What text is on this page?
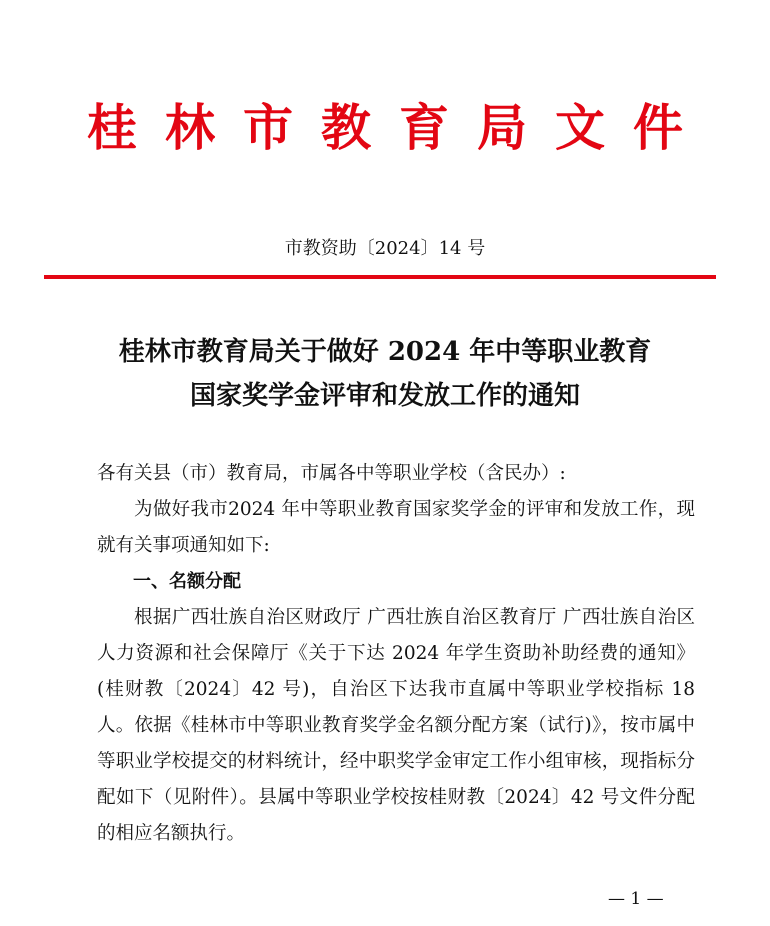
桂林市教育局文件
市教资助〔2024〕14 号
桂林市教育局关于做好 2024 年中等职业教育
国家奖学金评审和发放工作的通知

各有关县（市）教育局，市属各中等职业学校（含民办）:

为做好我市2024 年中等职业教育国家奖学金的评审和发放工作，现就有关事项通知如下:

一、名额分配

根据广西壮族自治区财政厅 广西壮族自治区教育厅 广西壮族自治区人力资源和社会保障厅《关于下达 2024 年学生资助补助经费的通知》(桂财教〔2024〕42 号)，自治区下达我市直属中等职业学校指标 18 人。依据《桂林市中等职业教育奖学金名额分配方案（试行)》，按市属中等职业学校提交的材料统计，经中职奖学金审定工作小组审核，现指标分配如下（见附件）。县属中等职业学校按桂财教〔2024〕42 号文件分配的相应名额执行。

— 1 —
